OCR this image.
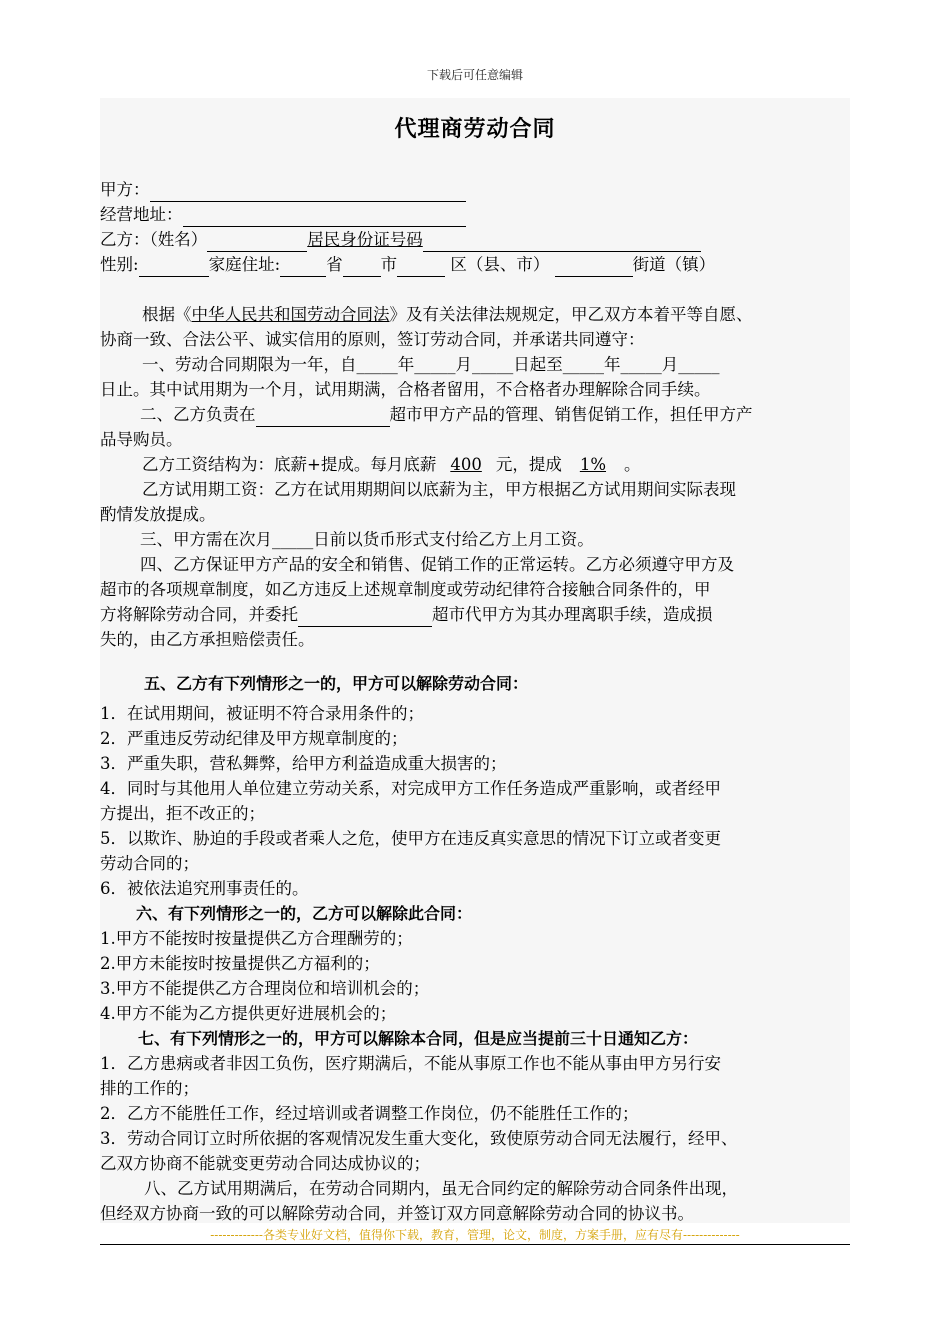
下载后可任意编辑
代理商劳动合同
甲方：
经营地址：
乙方：（姓名）	居民身份证号码
性别:	家庭住址:	省 市	区（县、市）	街道（镇）
根据《中华人民共和国劳动合同法》及有关法律法规规定，甲乙双方本着平等自愿、
协商一致、合法公平、诚实信用的原则，签订劳动合同，并承诺共同遵守：
一、劳动合同期限为一年，自_____年_____月_____日起至_____年_____月_____
日止。其中试用期为一个月，试用期满，合格者留用，不合格者办理解除合同手续。
二、乙方负责在	超市甲方产品的管理、销售促销工作，担任甲方产
品导购员。
乙方工资结构为：底薪+提成。每月底薪 400 元，提成 1% 。
乙方试用期工资：乙方在试用期期间以底薪为主，甲方根据乙方试用期间实际表现
酌情发放提成。
三、甲方需在次月_____日前以货币形式支付给乙方上月工资。
四、乙方保证甲方产品的安全和销售、促销工作的正常运转。乙方必须遵守甲方及
超市的各项规章制度，如乙方违反上述规章制度或劳动纪律符合接触合同条件的，甲
方将解除劳动合同，并委托	超市代甲方为其办理离职手续，造成损
失的，由乙方承担赔偿责任。
五、乙方有下列情形之一的，甲方可以解除劳动合同：
1．在试用期间，被证明不符合录用条件的；
2．严重违反劳动纪律及甲方规章制度的；
3．严重失职，营私舞弊，给甲方利益造成重大损害的；
4．同时与其他用人单位建立劳动关系，对完成甲方工作任务造成严重影响，或者经甲
方提出，拒不改正的；
5．以欺诈、胁迫的手段或者乘人之危，使甲方在违反真实意思的情况下订立或者变更
劳动合同的；
6．被依法追究刑事责任的。
六、有下列情形之一的，乙方可以解除此合同：
1.甲方不能按时按量提供乙方合理酬劳的；
2.甲方未能按时按量提供乙方福利的；
3.甲方不能提供乙方合理岗位和培训机会的；
4.甲方不能为乙方提供更好进展机会的；
七、有下列情形之一的，甲方可以解除本合同，但是应当提前三十日通知乙方：
1．乙方患病或者非因工负伤，医疗期满后，不能从事原工作也不能从事由甲方另行安
排的工作的；
2．乙方不能胜任工作，经过培训或者调整工作岗位，仍不能胜任工作的；
3．劳动合同订立时所依据的客观情况发生重大变化，致使原劳动合同无法履行，经甲、
乙双方协商不能就变更劳动合同达成协议的；
八、乙方试用期满后，在劳动合同期内，虽无合同约定的解除劳动合同条件出现，
但经双方协商一致的可以解除劳动合同，并签订双方同意解除劳动合同的协议书。
-------------各类专业好文档，值得你下载，教育，管理，论文，制度，方案手册，应有尽有--------------
